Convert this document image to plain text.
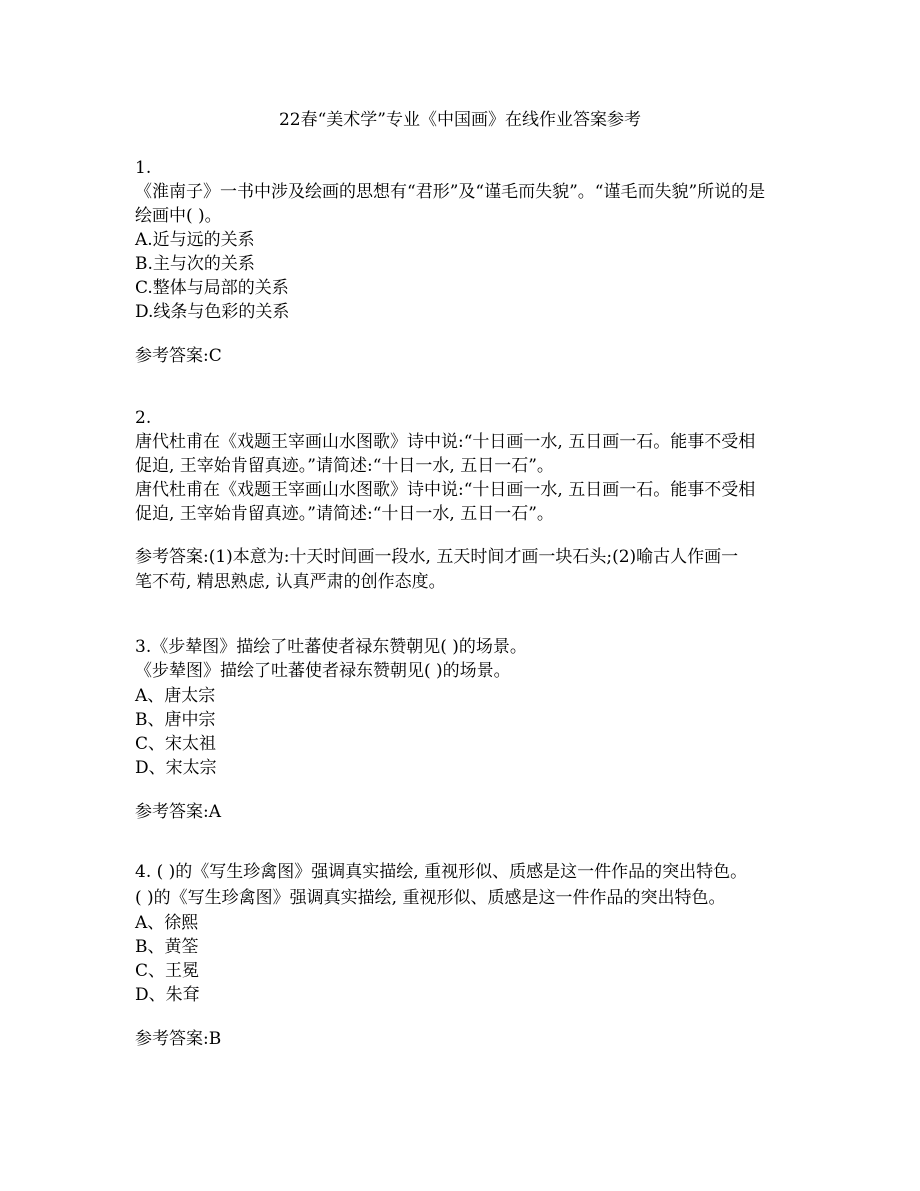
22春“美术学”专业《中国画》在线作业答案参考
1.
《淮南子》一书中涉及绘画的思想有“君形”及“谨毛而失貌”。“谨毛而失貌”所说的是
绘画中( )。
A.近与远的关系
B.主与次的关系
C.整体与局部的关系
D.线条与色彩的关系
参考答案:C
2.
唐代杜甫在《戏题王宰画山水图歌》诗中说:“十日画一水, 五日画一石。能事不受相
促迫, 王宰始肯留真迹。”请简述:“十日一水, 五日一石”。
唐代杜甫在《戏题王宰画山水图歌》诗中说:“十日画一水, 五日画一石。能事不受相
促迫, 王宰始肯留真迹。”请简述:“十日一水, 五日一石”。
参考答案:(1)本意为:十天时间画一段水, 五天时间才画一块石头;(2)喻古人作画一
笔不苟, 精思熟虑, 认真严肃的创作态度。
3.《步辇图》描绘了吐蕃使者禄东赞朝见( )的场景。
《步辇图》描绘了吐蕃使者禄东赞朝见( )的场景。
A、唐太宗
B、唐中宗
C、宋太祖
D、宋太宗
参考答案:A
4. ( )的《写生珍禽图》强调真实描绘, 重视形似、质感是这一件作品的突出特色。
( )的《写生珍禽图》强调真实描绘, 重视形似、质感是这一件作品的突出特色。
A、徐熙
B、黄筌
C、王冕
D、朱耷
参考答案:B
